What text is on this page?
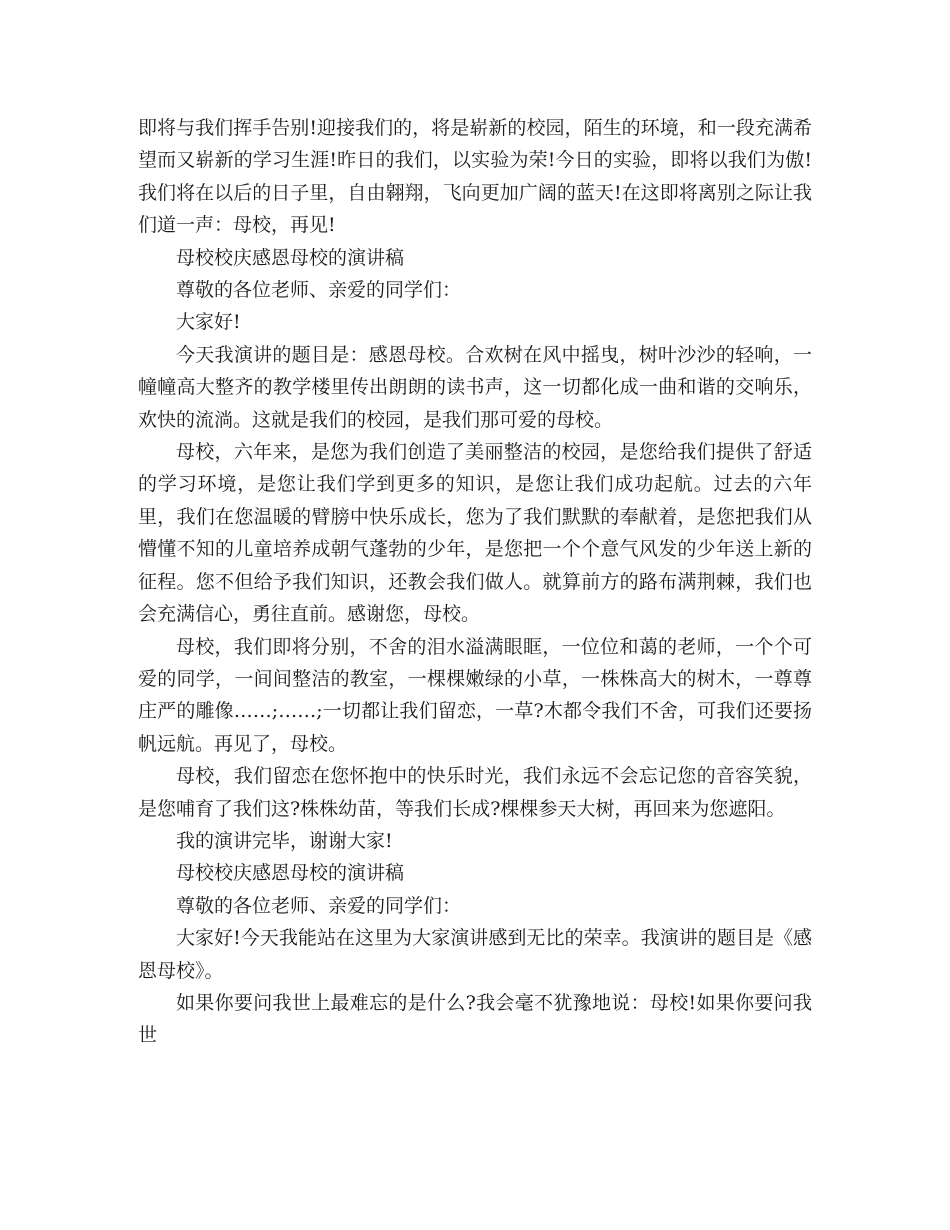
即将与我们挥手告别!迎接我们的，将是崭新的校园，陌生的环境，和一段充满希望而又崭新的学习生涯!昨日的我们，以实验为荣!今日的实验，即将以我们为傲!我们将在以后的日子里，自由翱翔，飞向更加广阔的蓝天!在这即将离别之际让我们道一声：母校，再见!

母校校庆感恩母校的演讲稿

尊敬的各位老师、亲爱的同学们：

大家好!

今天我演讲的题目是：感恩母校。合欢树在风中摇曳，树叶沙沙的轻响，一幢幢高大整齐的教学楼里传出朗朗的读书声，这一切都化成一曲和谐的交响乐，欢快的流淌。这就是我们的校园，是我们那可爱的母校。

母校，六年来，是您为我们创造了美丽整洁的校园，是您给我们提供了舒适的学习环境，是您让我们学到更多的知识，是您让我们成功起航。过去的六年里，我们在您温暖的臂膀中快乐成长，您为了我们默默的奉献着，是您把我们从懵懂不知的儿童培养成朝气蓬勃的少年，是您把一个个意气风发的少年送上新的征程。您不但给予我们知识，还教会我们做人。就算前方的路布满荆棘，我们也会充满信心，勇往直前。感谢您，母校。

母校，我们即将分别，不舍的泪水溢满眼眶，一位位和蔼的老师，一个个可爱的同学，一间间整洁的教室，一棵棵嫩绿的小草，一株株高大的树木，一尊尊庄严的雕像……;……;一切都让我们留恋，一草?木都令我们不舍，可我们还要扬帆远航。再见了，母校。

母校，我们留恋在您怀抱中的快乐时光，我们永远不会忘记您的音容笑貌，是您哺育了我们这?株株幼苗，等我们长成?棵棵参天大树，再回来为您遮阳。

我的演讲完毕，谢谢大家!

母校校庆感恩母校的演讲稿

尊敬的各位老师、亲爱的同学们：

大家好!今天我能站在这里为大家演讲感到无比的荣幸。我演讲的题目是《感恩母校》。

如果你要问我世上最难忘的是什么?我会毫不犹豫地说：母校!如果你要问我世
